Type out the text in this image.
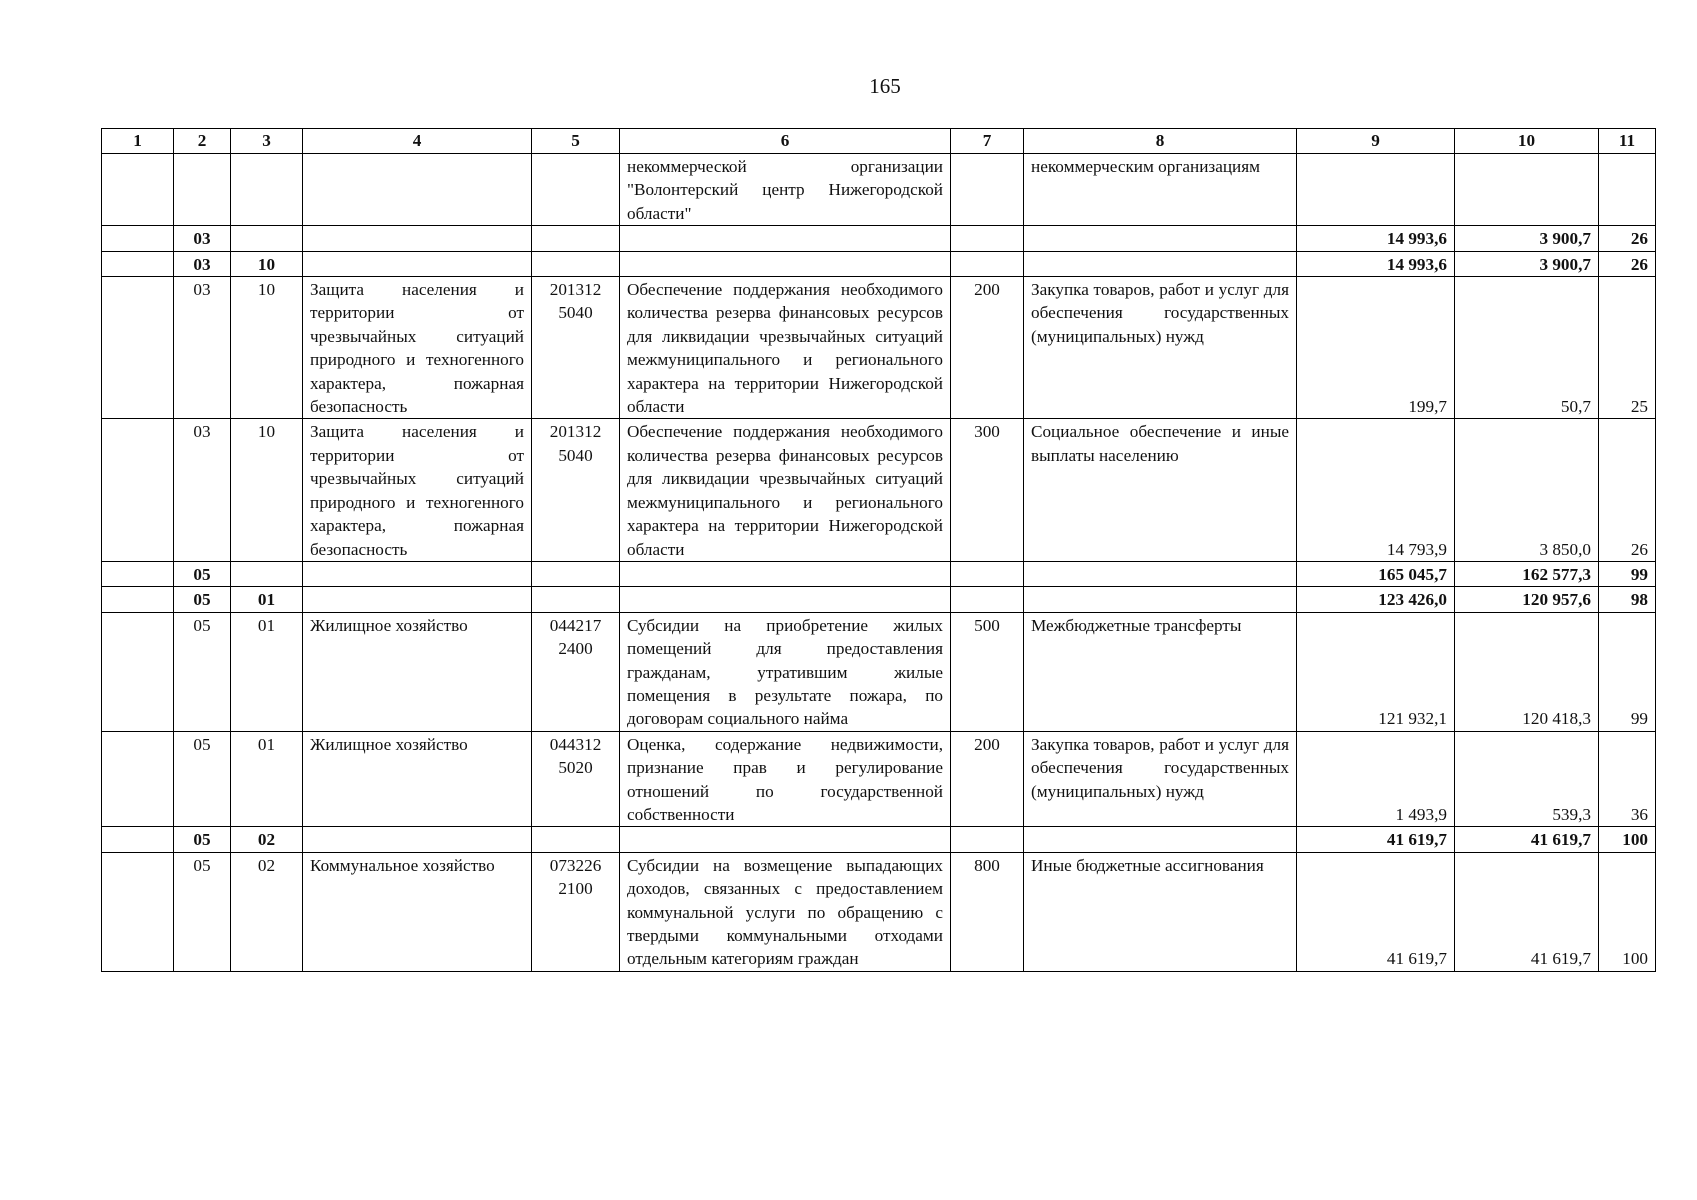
165
1	2	3	4	5	6	7	8	9	10	11
					некоммерческой организации "Волонтерский центр Нижегородской области"		некоммерческим организациям			
	03							14 993,6	3 900,7	26
	03	10						14 993,6	3 900,7	26
	03	10	Защита населения и территории от чрезвычайных ситуаций природного и техногенного характера, пожарная безопасность	201312 5040	Обеспечение поддержания необходимого количества резерва финансовых ресурсов для ликвидации чрезвычайных ситуаций межмуниципального и регионального характера на территории Нижегородской области	200	Закупка товаров, работ и услуг для обеспечения государственных (муниципальных) нужд	199,7	50,7	25
	03	10	Защита населения и территории от чрезвычайных ситуаций природного и техногенного характера, пожарная безопасность	201312 5040	Обеспечение поддержания необходимого количества резерва финансовых ресурсов для ликвидации чрезвычайных ситуаций межмуниципального и регионального характера на территории Нижегородской области	300	Социальное обеспечение и иные выплаты населению	14 793,9	3 850,0	26
	05							165 045,7	162 577,3	99
	05	01						123 426,0	120 957,6	98
	05	01	Жилищное хозяйство	044217 2400	Субсидии на приобретение жилых помещений для предоставления гражданам, утратившим жилые помещения в результате пожара, по договорам социального найма	500	Межбюджетные трансферты	121 932,1	120 418,3	99
	05	01	Жилищное хозяйство	044312 5020	Оценка, содержание недвижимости, признание прав и регулирование отношений по государственной собственности	200	Закупка товаров, работ и услуг для обеспечения государственных (муниципальных) нужд	1 493,9	539,3	36
	05	02						41 619,7	41 619,7	100
	05	02	Коммунальное хозяйство	073226 2100	Субсидии на возмещение выпадающих доходов, связанных с предоставлением коммунальной услуги по обращению с твердыми коммунальными отходами отдельным категориям граждан	800	Иные бюджетные ассигнования	41 619,7	41 619,7	100
